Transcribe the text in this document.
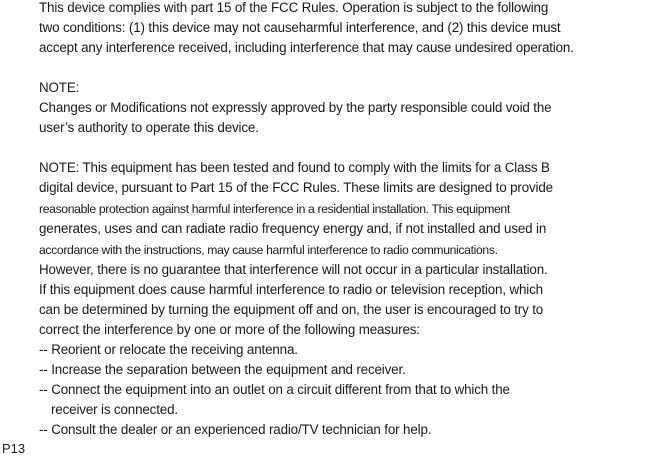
This device complies with part 15 of the FCC Rules. Operation is subject to the following
two conditions: (1) this device may not causeharmful interference, and (2) this device must
accept any interference received, including interference that may cause undesired operation.
NOTE:
Changes or Modifications not expressly approved by the party responsible could void the
user’s authority to operate this device.
NOTE: This equipment has been tested and found to comply with the limits for a Class B
digital device, pursuant to Part 15 of the FCC Rules. These limits are designed to provide
reasonable protection against harmful interference in a residential installation. This equipment
generates, uses and can radiate radio frequency energy and, if not installed and used in
accordance with the instructions, may cause harmful interference to radio communications.
However, there is no guarantee that interference will not occur in a particular installation.
If this equipment does cause harmful interference to radio or television reception, which
can be determined by turning the equipment off and on, the user is encouraged to try to
correct the interference by one or more of the following measures:
-- Reorient or relocate the receiving antenna.
-- Increase the separation between the equipment and receiver.
-- Connect the equipment into an outlet on a circuit different from that to which the
receiver is connected.
-- Consult the dealer or an experienced radio/TV technician for help.
P13
